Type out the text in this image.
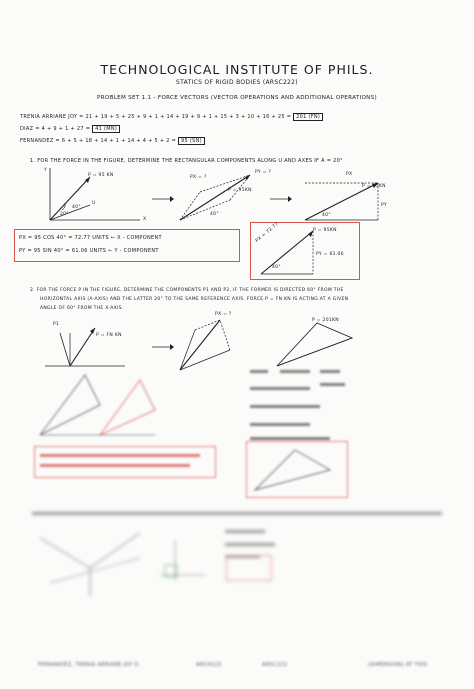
TECHNOLOGICAL INSTITUTE OF PHILS.
STATICS OF RIGID BODIES (ARSC222)
PROBLEM SET 1.1 - FORCE VECTORS (VECTOR OPERATIONS AND ADDITIONAL OPERATIONS)
TRENIA ARRIANE JOY = 21 + 19 + 5 + 25 + 9 + 1 + 14 + 19 + 9 + 1 + 15 + 3 + 10 + 16 + 25 = 201 (FN)
DIAZ = 4 + 9 + 1 + 27 = 41 (MN)
FERNANDEZ = 6 + 5 + 18 + 14 + 1 + 14 + 4 + 5 + 2 = 95 (SN)
1. FOR THE FORCE IN THE FIGURE, DETERMINE THE RECTANGULAR COMPONENTS ALONG U AND AXES IF Α = 20°
Y
X
U
P = 95 KN
40°
20°
PX = ?
PY = ?
P = 95KN
40°
PX
PY
P = 95KN
40°
PX = 95 COS 40° = 72.77 UNITS ← X - COMPONENT
PY = 95 SIN 40° = 61.06 UNITS ← Y - COMPONENT
PX = 72.77
PY = 61.06
P = 95KN
40°
2. FOR THE FORCE P IN THE FIGURE, DETERMINE THE COMPONENTS P1 AND P2, IF THE FORMER IS DIRECTED 60° FROM THE
HORIZONTAL AXIS (A-AXIS) AND THE LATTER 20° TO THE SAME REFERENCE AXIS. FORCE P = FN KN IS ACTING AT A GIVEN
ANGLE OF 60° FROM THE X-AXIS.
P1
P = FN KN
PX = ?
P = 201KN
FERNANDEZ, TRENIA ARRIANE JOY D.	ARCH223	ARSC222	(DIMENSION) AT THIS
